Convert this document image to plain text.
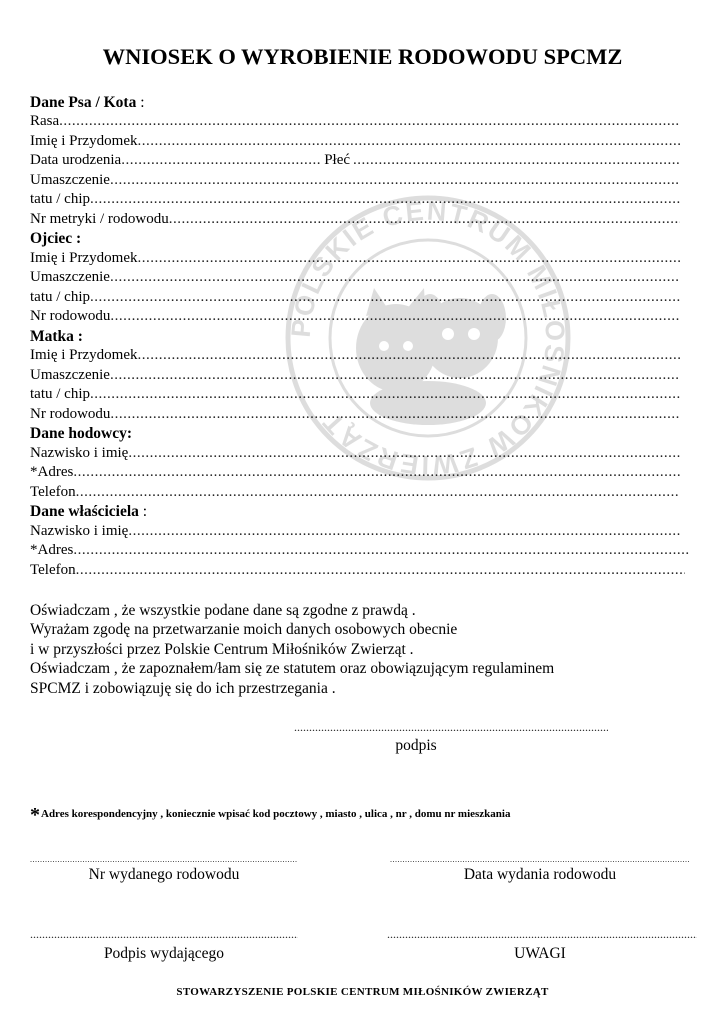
POLSKIE CENTRUM MIŁOŚNIKÓW ZWIERZĄT
WNIOSEK O WYROBIENIE RODOWODU SPCMZ
Dane Psa / Kota :
Rasa
.....
Imię i Przydomek
.....
Data urodzenia
.....	Płeć
.....
Umaszczenie
.....
tatu / chip
.....
Nr metryki / rodowodu
.....
Ojciec :
Imię i Przydomek
.....
Umaszczenie
.....
tatu / chip
.....
Nr rodowodu
.....
Matka :
Imię i Przydomek
.....
Umaszczenie
.....
tatu / chip
.....
Nr rodowodu
.....
Dane hodowcy:
Nazwisko i imię
.....
*Adres
.....
Telefon
.....
Dane właściciela :
Nazwisko i imię
.....
*Adres
.....
Telefon
.....
Oświadczam , że wszystkie podane dane są zgodne z prawdą .
Wyrażam zgodę na przetwarzanie moich danych osobowych obecnie
i w przyszłości przez Polskie Centrum Miłośników Zwierząt .
Oświadczam , że zapoznałem/łam się ze statutem oraz obowiązującym regulaminem
SPCMZ i zobowiązuję się do ich przestrzegania .
.....
podpis
*Adres korespondencyjny , koniecznie wpisać kod pocztowy , miasto , ulica , nr , domu nr mieszkania
.....
.....
Nr wydanego rodowodu	Data wydania rodowodu
.....
.....
Podpis wydającego	UWAGI
STOWARZYSZENIE POLSKIE CENTRUM MIŁOŚNIKÓW ZWIERZĄT
